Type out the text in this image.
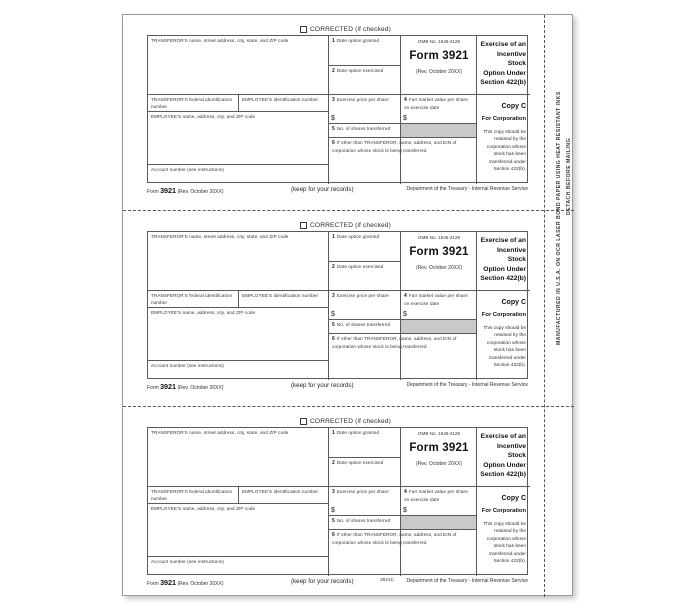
DETACH BEFORE MAILING
MANUFACTURED IN U.S.A. ON OCR LASER BOND PAPER USING HEAT RESISTANT INKS
CORRECTED (if checked)
TRANSFEROR'S name, street address, city, state, and ZIP code
TRANSFEROR'S federal identification number
EMPLOYEE'S identification number
EMPLOYEE'S name, address, city, and ZIP code
Account number (see instructions)
1 Date option granted
2 Date option exercised
3 Exercise price per share
$
5 No. of shares transferred
6 If other than TRANSFEROR, name, address, and EIN of corporation whose stock is being transferred
OMB No. 1545-2129
Form 3921
(Rev. October 20XX)
4 Fair market value per share on exercise date
$
Exercise of an
Incentive Stock
Option Under
Section 422(b)
Copy C
For Corporation
This copy should be retained by the corporation whose stock has been transferred under Section 422(b).
Form 3921 (Rev. October 20XX)	(keep for your records)	Department of the Treasury - Internal Revenue Service
CORRECTED (if checked)
TRANSFEROR'S name, street address, city, state, and ZIP code
TRANSFEROR'S federal identification number
EMPLOYEE'S identification number
EMPLOYEE'S name, address, city, and ZIP code
Account number (see instructions)
1 Date option granted
2 Date option exercised
3 Exercise price per share
$
5 No. of shares transferred
6 If other than TRANSFEROR, name, address, and EIN of corporation whose stock is being transferred
OMB No. 1545-2129
Form 3921
(Rev. October 20XX)
4 Fair market value per share on exercise date
$
Exercise of an
Incentive Stock
Option Under
Section 422(b)
Copy C
For Corporation
This copy should be retained by the corporation whose stock has been transferred under Section 422(b).
Form 3921 (Rev. October 20XX)	(keep for your records)	Department of the Treasury - Internal Revenue Service
CORRECTED (if checked)
TRANSFEROR'S name, street address, city, state, and ZIP code
TRANSFEROR'S federal identification number
EMPLOYEE'S identification number
EMPLOYEE'S name, address, city, and ZIP code
Account number (see instructions)
1 Date option granted
2 Date option exercised
3 Exercise price per share
$
5 No. of shares transferred
6 If other than TRANSFEROR, name, address, and EIN of corporation whose stock is being transferred
OMB No. 1545-2129
Form 3921
(Rev. October 20XX)
4 Fair market value per share on exercise date
$
Exercise of an
Incentive Stock
Option Under
Section 422(b)
Copy C
For Corporation
This copy should be retained by the corporation whose stock has been transferred under Section 422(b).
Form 3921 (Rev. October 20XX)	(keep for your records)	3921C Department of the Treasury - Internal Revenue Service
